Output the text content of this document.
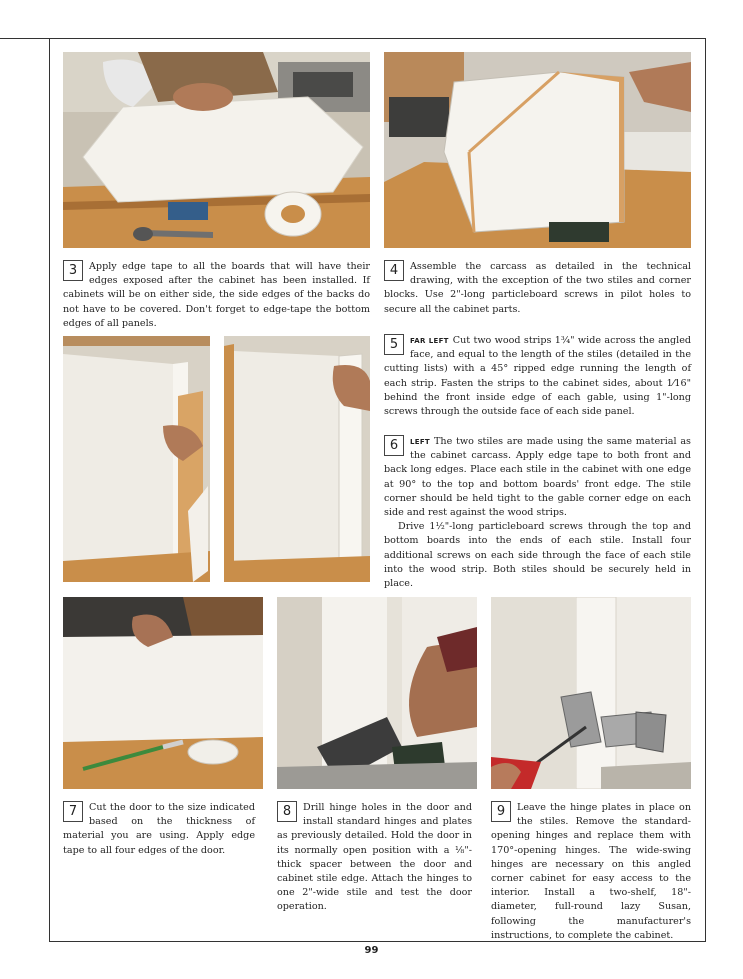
3	Apply edge tape to all the boards that will have their edges exposed after the cabinet has been installed. If cabinets will be on either side, the side edges of the backs do not have to be covered. Don't forget to edge-tape the bottom edges of all panels.
4	Assemble the carcass as detailed in the technical drawing, with the exception of the two stiles and corner blocks. Use 2"-long particleboard screws in pilot holes to secure all the cabinet parts.
5	FAR LEFT Cut two wood strips 1¾" wide across the angled face, and equal to the length of the stiles (detailed in the cutting lists) with a 45° ripped edge running the length of each strip. Fasten the strips to the cabinet sides, about 1⁄16" behind the front inside edge of each gable, using 1"-long screws through the outside face of each side panel.
6	LEFT The two stiles are made using the same material as the cabinet carcass. Apply edge tape to both front and back long edges. Place each stile in the cabinet with one edge at 90° to the top and bottom boards' front edge. The stile corner should be held tight to the gable corner edge on each side and rest against the wood strips.
Drive 1½"-long particleboard screws through the top and bottom boards into the ends of each stile. Install four additional screws on each side through the face of each stile into the wood strip. Both stiles should be securely held in place.
7	Cut the door to the size indicated based on the thickness of material you are using. Apply edge tape to all four edges of the door.
8	Drill hinge holes in the door and install standard hinges and plates as previously detailed. Hold the door in its normally open position with a ⅛"-thick spacer between the door and cabinet stile edge. Attach the hinges to one 2"-wide stile and test the door operation.
9	Leave the hinge plates in place on the stiles. Remove the standard-opening hinges and replace them with 170°-opening hinges. The wide-swing hinges are necessary on this angled corner cabinet for easy access to the interior. Install a two-shelf, 18"-diameter, full-round lazy Susan, following the manufacturer's instructions, to complete the cabinet.
99
